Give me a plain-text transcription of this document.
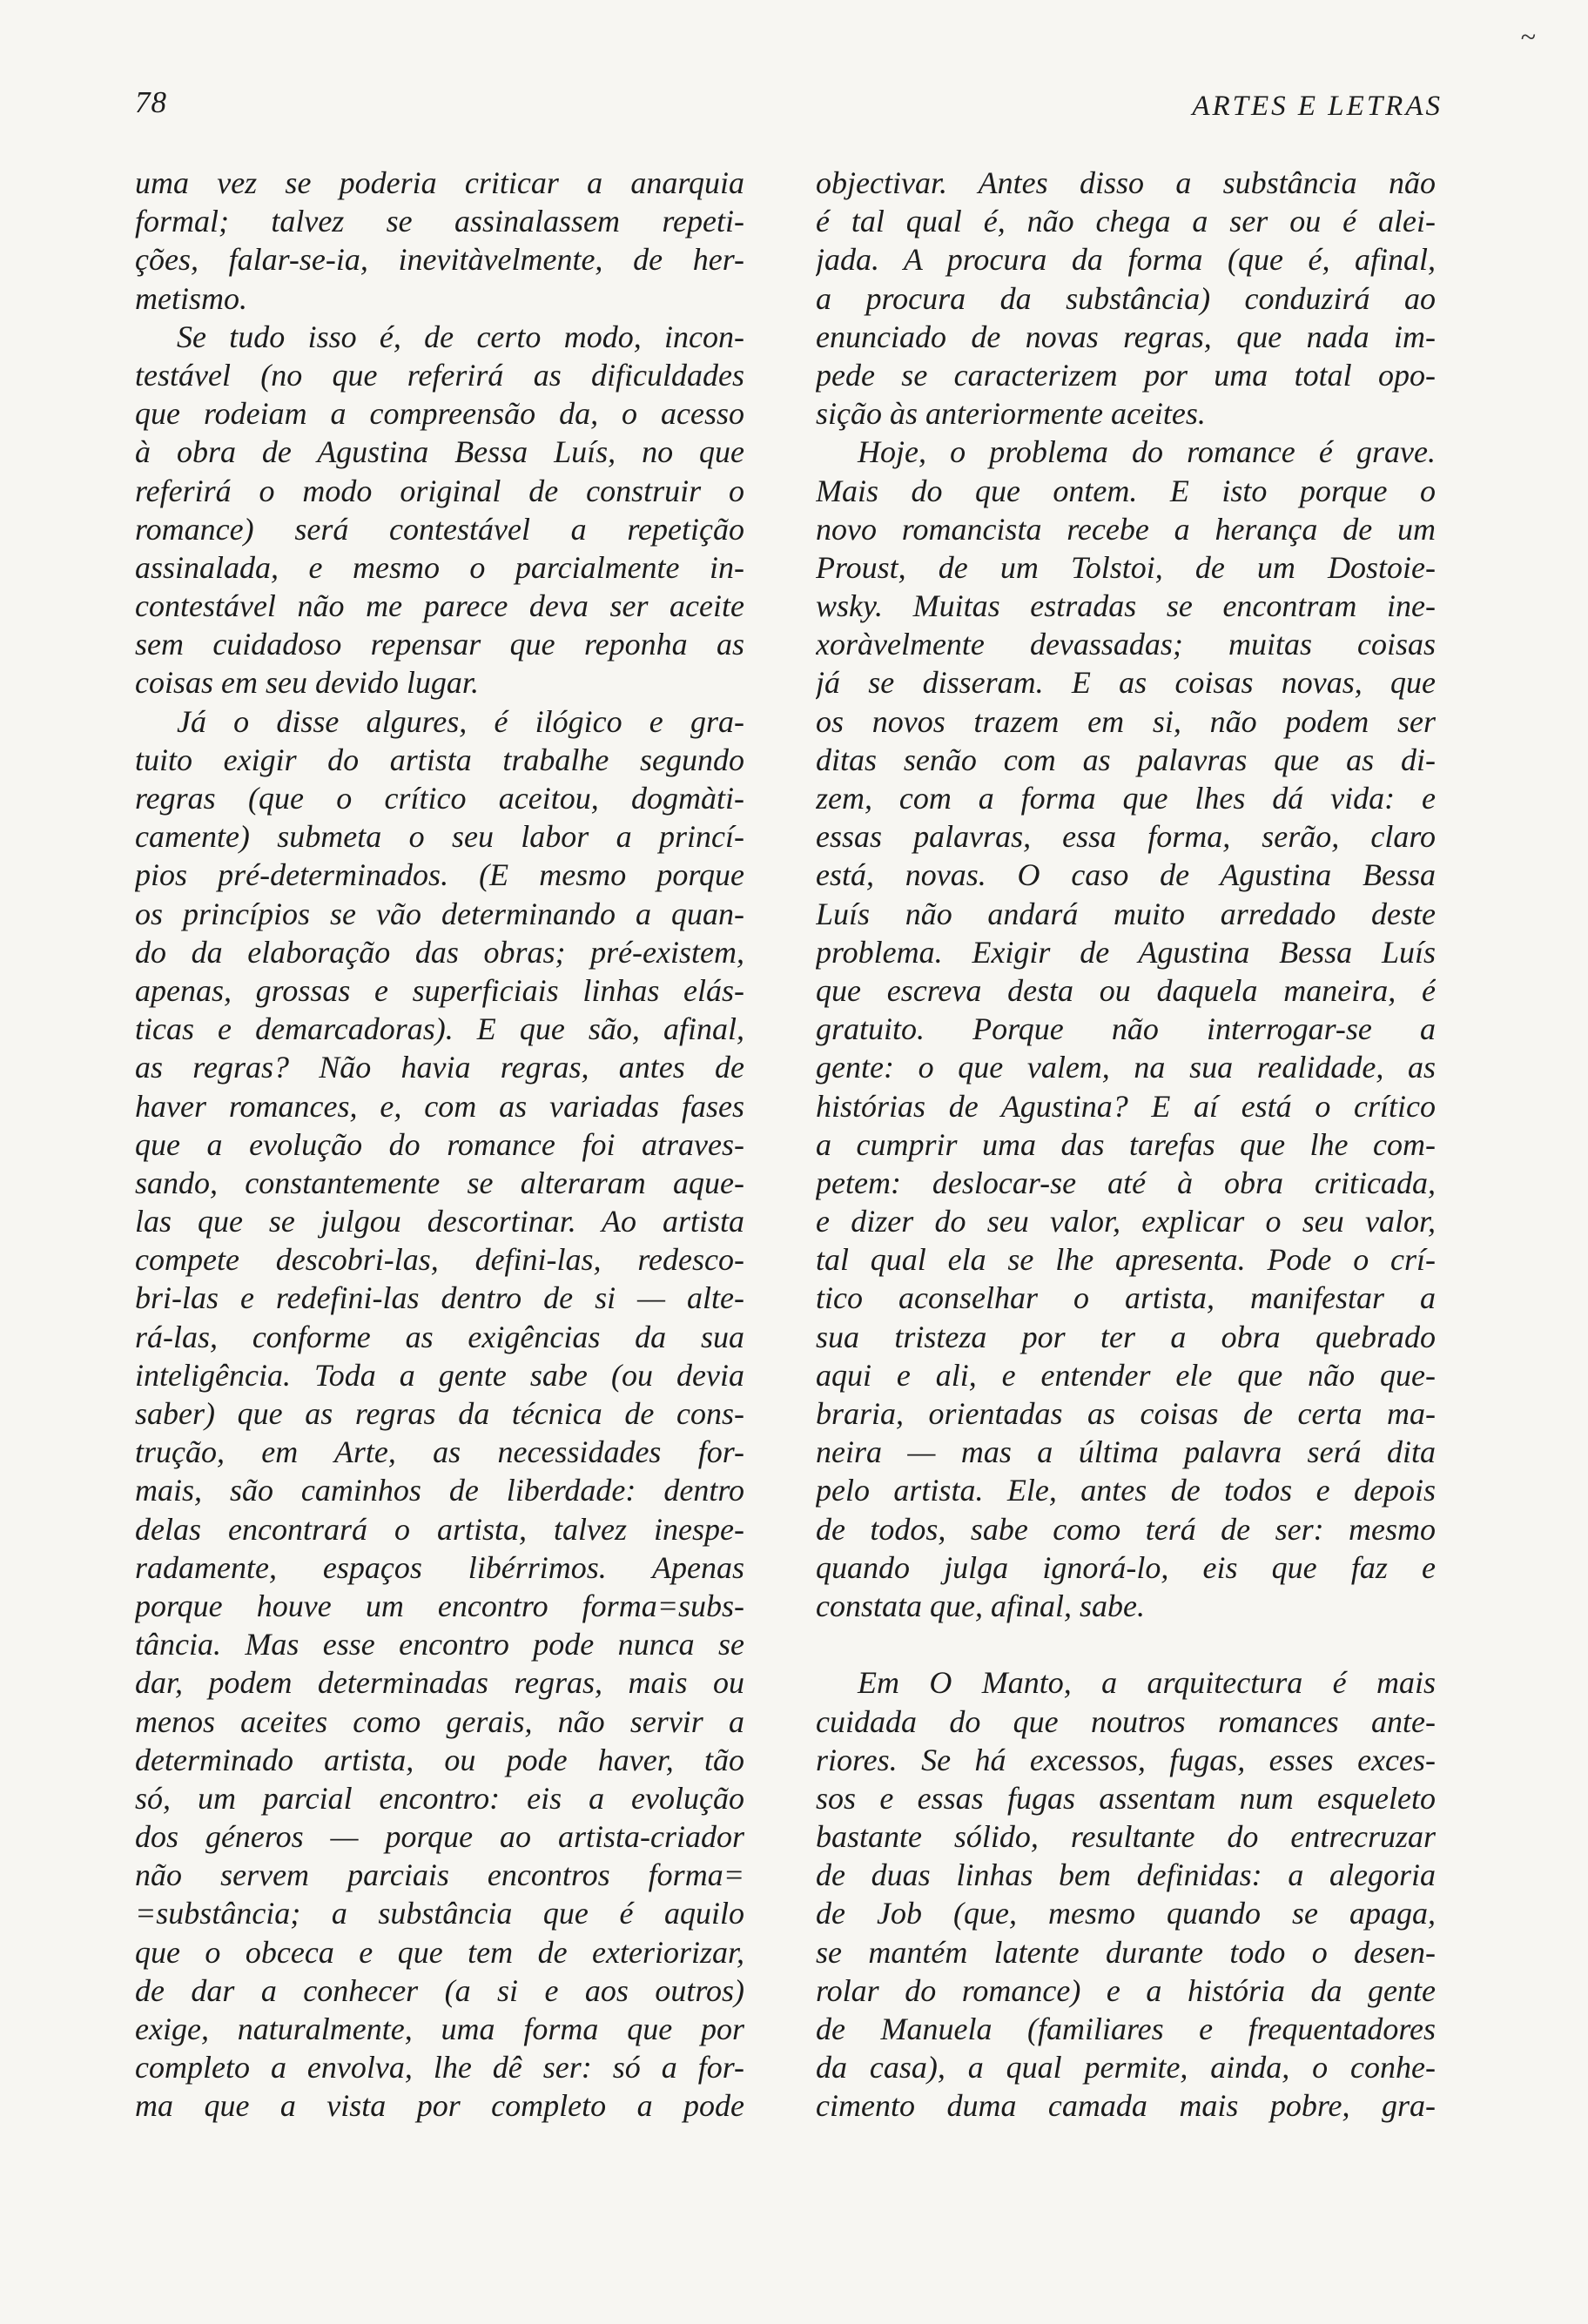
78	ARTES E LETRAS
~
uma vez se poderia criticar a anarquia
formal; talvez se assinalassem repeti-
ções, falar-se-ia, inevitàvelmente, de her-
metismo.
Se tudo isso é, de certo modo, incon-
testável (no que referirá as dificuldades
que rodeiam a compreensão da, o acesso
à obra de Agustina Bessa Luís, no que
referirá o modo original de construir o
romance) será contestável a repetição
assinalada, e mesmo o parcialmente in-
contestável não me parece deva ser aceite
sem cuidadoso repensar que reponha as
coisas em seu devido lugar.
Já o disse algures, é ilógico e gra-
tuito exigir do artista trabalhe segundo
regras (que o crítico aceitou, dogmàti-
camente) submeta o seu labor a princí-
pios pré-determinados. (E mesmo porque
os princípios se vão determinando a quan-
do da elaboração das obras; pré-existem,
apenas, grossas e superficiais linhas elás-
ticas e demarcadoras). E que são, afinal,
as regras? Não havia regras, antes de
haver romances, e, com as variadas fases
que a evolução do romance foi atraves-
sando, constantemente se alteraram aque-
las que se julgou descortinar. Ao artista
compete descobri-las, defini-las, redesco-
bri-las e redefini-las dentro de si — alte-
rá-las, conforme as exigências da sua
inteligência. Toda a gente sabe (ou devia
saber) que as regras da técnica de cons-
trução, em Arte, as necessidades for-
mais, são caminhos de liberdade: dentro
delas encontrará o artista, talvez inespe-
radamente, espaços libérrimos. Apenas
porque houve um encontro forma=subs-
tância. Mas esse encontro pode nunca se
dar, podem determinadas regras, mais ou
menos aceites como gerais, não servir a
determinado artista, ou pode haver, tão
só, um parcial encontro: eis a evolução
dos géneros — porque ao artista-criador
não servem parciais encontros forma=
=substância; a substância que é aquilo
que o obceca e que tem de exteriorizar,
de dar a conhecer (a si e aos outros)
exige, naturalmente, uma forma que por
completo a envolva, lhe dê ser: só a for-
ma que a vista por completo a pode
objectivar. Antes disso a substância não
é tal qual é, não chega a ser ou é alei-
jada. A procura da forma (que é, afinal,
a procura da substância) conduzirá ao
enunciado de novas regras, que nada im-
pede se caracterizem por uma total opo-
sição às anteriormente aceites.
Hoje, o problema do romance é grave.
Mais do que ontem. E isto porque o
novo romancista recebe a herança de um
Proust, de um Tolstoi, de um Dostoie-
wsky. Muitas estradas se encontram ine-
xoràvelmente devassadas; muitas coisas
já se disseram. E as coisas novas, que
os novos trazem em si, não podem ser
ditas senão com as palavras que as di-
zem, com a forma que lhes dá vida: e
essas palavras, essa forma, serão, claro
está, novas. O caso de Agustina Bessa
Luís não andará muito arredado deste
problema. Exigir de Agustina Bessa Luís
que escreva desta ou daquela maneira, é
gratuito. Porque não interrogar-se a
gente: o que valem, na sua realidade, as
histórias de Agustina? E aí está o crítico
a cumprir uma das tarefas que lhe com-
petem: deslocar-se até à obra criticada,
e dizer do seu valor, explicar o seu valor,
tal qual ela se lhe apresenta. Pode o crí-
tico aconselhar o artista, manifestar a
sua tristeza por ter a obra quebrado
aqui e ali, e entender ele que não que-
braria, orientadas as coisas de certa ma-
neira — mas a última palavra será dita
pelo artista. Ele, antes de todos e depois
de todos, sabe como terá de ser: mesmo
quando julga ignorá-lo, eis que faz e
constata que, afinal, sabe.
Em O Manto, a arquitectura é mais
cuidada do que noutros romances ante-
riores. Se há excessos, fugas, esses exces-
sos e essas fugas assentam num esqueleto
bastante sólido, resultante do entrecruzar
de duas linhas bem definidas: a alegoria
de Job (que, mesmo quando se apaga,
se mantém latente durante todo o desen-
rolar do romance) e a história da gente
de Manuela (familiares e frequentadores
da casa), a qual permite, ainda, o conhe-
cimento duma camada mais pobre, gra-
